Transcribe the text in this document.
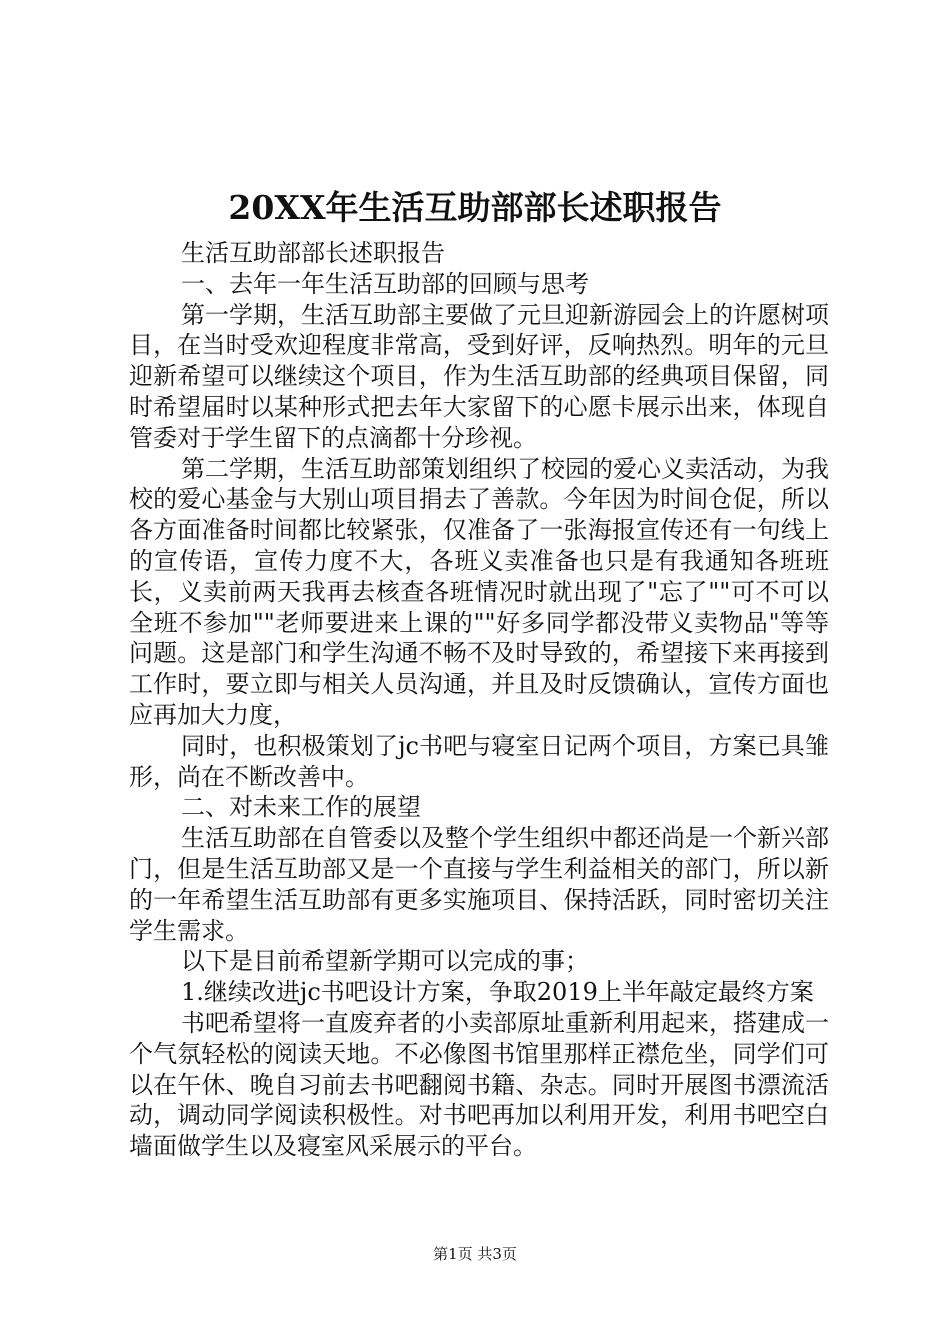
20XX年生活互助部部长述职报告

生活互助部部长述职报告

一、去年一年生活互助部的回顾与思考

第一学期，生活互助部主要做了元旦迎新游园会上的许愿树项目，在当时受欢迎程度非常高，受到好评，反响热烈。明年的元旦迎新希望可以继续这个项目，作为生活互助部的经典项目保留，同时希望届时以某种形式把去年大家留下的心愿卡展示出来，体现自管委对于学生留下的点滴都十分珍视。

第二学期，生活互助部策划组织了校园的爱心义卖活动，为我校的爱心基金与大别山项目捐去了善款。今年因为时间仓促，所以各方面准备时间都比较紧张，仅准备了一张海报宣传还有一句线上的宣传语，宣传力度不大，各班义卖准备也只是有我通知各班班长，义卖前两天我再去核查各班情况时就出现了"忘了""可不可以全班不参加""老师要进来上课的""好多同学都没带义卖物品"等等问题。这是部门和学生沟通不畅不及时导致的，希望接下来再接到工作时，要立即与相关人员沟通，并且及时反馈确认，宣传方面也应再加大力度，

同时，也积极策划了jc书吧与寝室日记两个项目，方案已具雏形，尚在不断改善中。

二、对未来工作的展望

生活互助部在自管委以及整个学生组织中都还尚是一个新兴部门，但是生活互助部又是一个直接与学生利益相关的部门，所以新的一年希望生活互助部有更多实施项目、保持活跃，同时密切关注学生需求。

以下是目前希望新学期可以完成的事；

1.继续改进jc书吧设计方案，争取2019上半年敲定最终方案

书吧希望将一直废弃者的小卖部原址重新利用起来，搭建成一个气氛轻松的阅读天地。不必像图书馆里那样正襟危坐，同学们可以在午休、晚自习前去书吧翻阅书籍、杂志。同时开展图书漂流活动，调动同学阅读积极性。对书吧再加以利用开发，利用书吧空白墙面做学生以及寝室风采展示的平台。

第1页 共3页
